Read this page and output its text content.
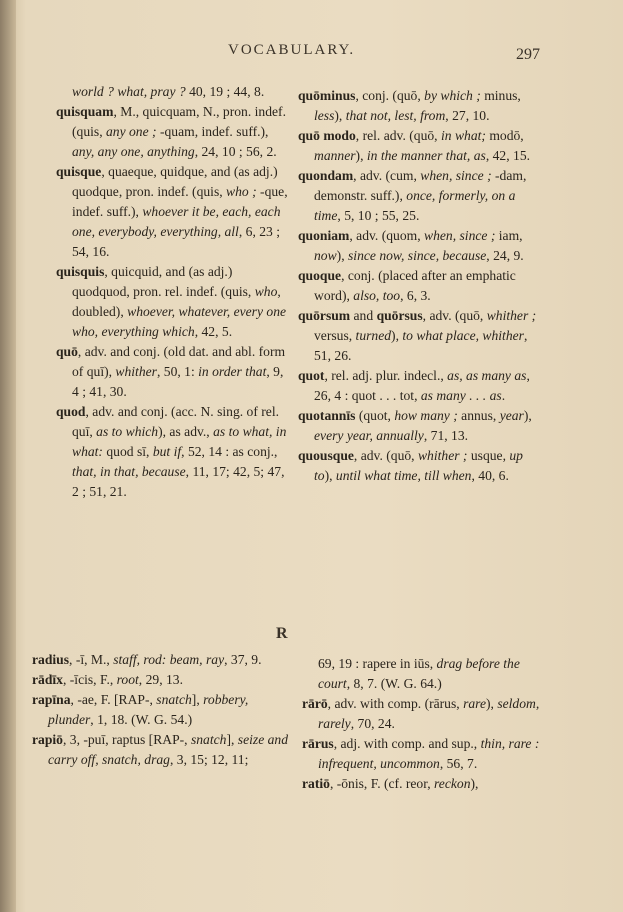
VOCABULARY.	297

world ? what, pray ? 40, 19 ; 44, 8.

quisquam, M., quicquam, N., pron. indef. (quis, any one ; -quam, indef. suff.), any, any one, anything, 24, 10 ; 56, 2.

quisque, quaeque, quidque, and (as adj.) quodque, pron. indef. (quis, who ; -que, indef. suff.), whoever it be, each, each one, everybody, everything, all, 6, 23 ; 54, 16.

quisquis, quicquid, and (as adj.) quodquod, pron. rel. indef. (quis, who, doubled), whoever, whatever, every one who, everything which, 42, 5.

quō, adv. and conj. (old dat. and abl. form of quī), whither, 50, 1: in order that, 9, 4 ; 41, 30.

quod, adv. and conj. (acc. N. sing. of rel. quī, as to which), as adv., as to what, in what: quod sī, but if, 52, 14 : as conj., that, in that, because, 11, 17; 42, 5; 47, 2 ; 51, 21.

quōminus, conj. (quō, by which ; minus, less), that not, lest, from, 27, 10.

quō modo, rel. adv. (quō, in what; modō, manner), in the manner that, as, 42, 15.

quondam, adv. (cum, when, since ; -dam, demonstr. suff.), once, formerly, on a time, 5, 10 ; 55, 25.

quoniam, adv. (quom, when, since ; iam, now), since now, since, because, 24, 9.

quoque, conj. (placed after an emphatic word), also, too, 6, 3.

quōrsum and quōrsus, adv. (quō, whither ; versus, turned), to what place, whither, 51, 26.

quot, rel. adj. plur. indecl., as, as many as, 26, 4 : quot . . . tot, as many . . . as.

quotannīs (quot, how many ; annus, year), every year, annually, 71, 13.

quousque, adv. (quō, whither ; usque, up to), until what time, till when, 40, 6.

R

radius, -ī, M., staff, rod: beam, ray, 37, 9.

rādīx, -īcis, F., root, 29, 13.

rapīna, -ae, F. [RAP-, snatch], robbery, plunder, 1, 18. (W. G. 54.)

rapiō, 3, -puī, raptus [RAP-, snatch], seize and carry off, snatch, drag, 3, 15; 12, 11;

69, 19 : rapere in iūs, drag before the court, 8, 7. (W. G. 64.)

rārō, adv. with comp. (rārus, rare), seldom, rarely, 70, 24.

rārus, adj. with comp. and sup., thin, rare : infrequent, uncommon, 56, 7.

ratiō, -ōnis, F. (cf. reor, reckon),
